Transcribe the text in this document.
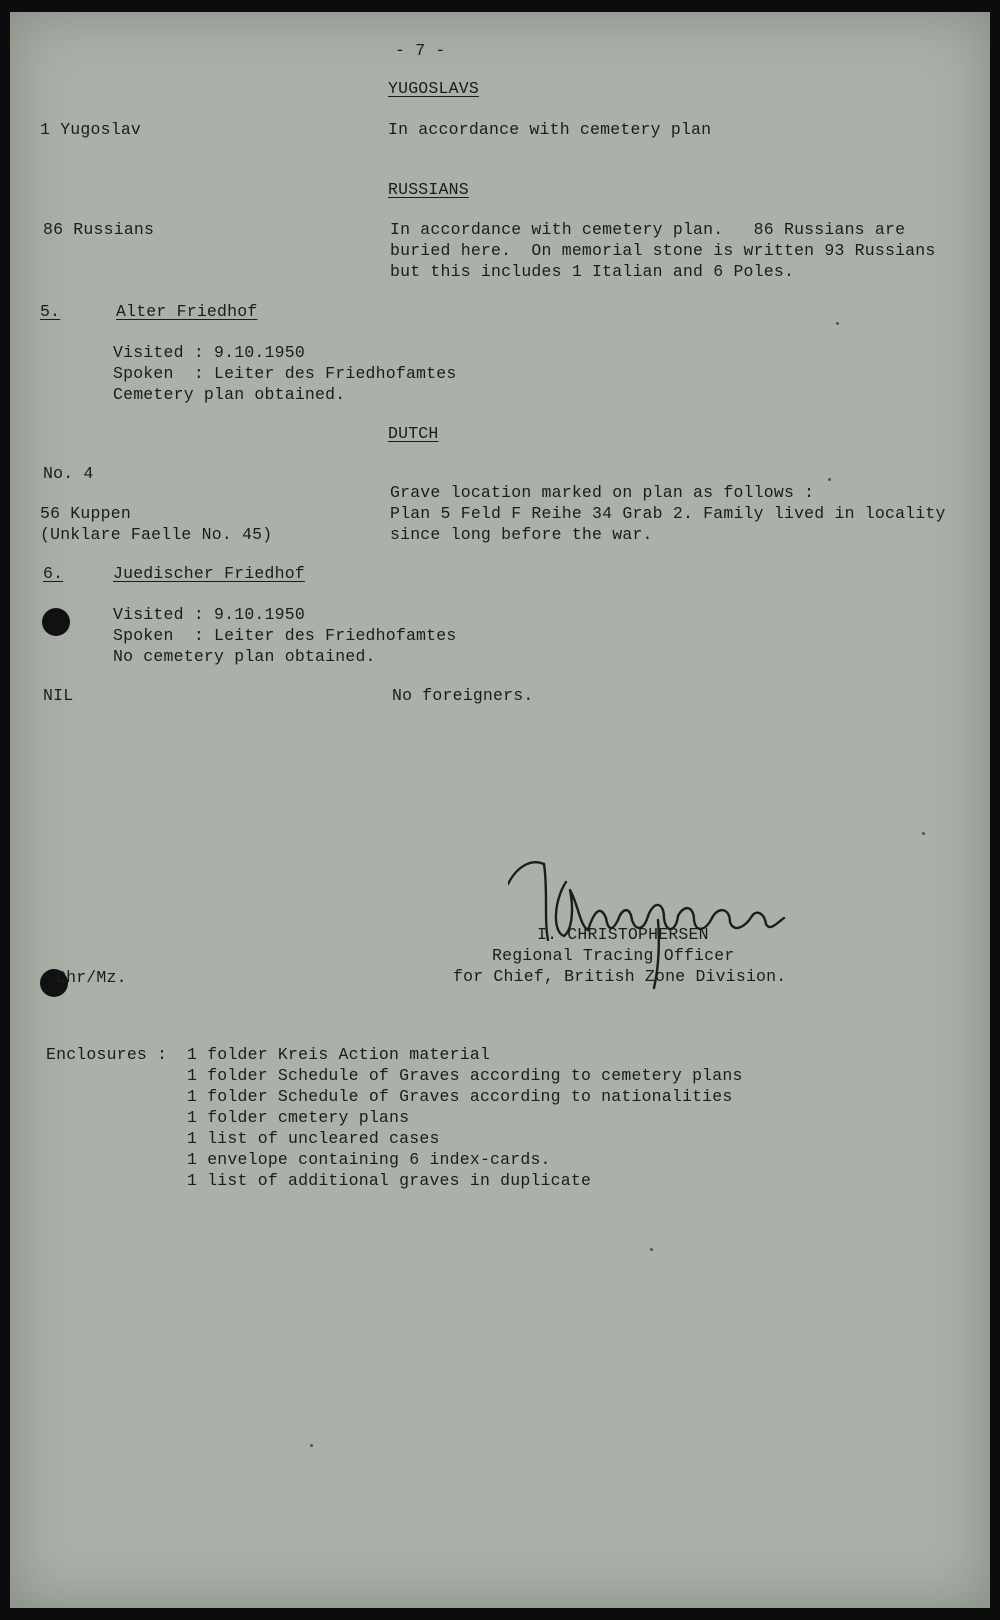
- 7 -
YUGOSLAVS
1 Yugoslav	In accordance with cemetery plan
RUSSIANS
86 Russians	In accordance with cemetery plan.   86 Russians are
buried here.  On memorial stone is written 93 Russians
but this includes 1 Italian and 6 Poles.
5.	Alter Friedhof
Visited : 9.10.1950
Spoken  : Leiter des Friedhofamtes
Cemetery plan obtained.
DUTCH
No. 4
Grave location marked on plan as follows :
56 Kuppen	Plan 5 Feld F Reihe 34 Grab 2. Family lived in locality
(Unklare Faelle No. 45)	since long before the war.
6.	Juedischer Friedhof
Visited : 9.10.1950
Spoken  : Leiter des Friedhofamtes
No cemetery plan obtained.
NIL	No foreigners.
I. CHRISTOPHERSEN
Regional Tracing Officer
for Chief, British Zone Division.
Chr/Mz.
Enclosures : 1 folder Kreis Action material
1 folder Schedule of Graves according to cemetery plans
1 folder Schedule of Graves according to nationalities
1 folder cmetery plans
1 list of uncleared cases
1 envelope containing 6 index-cards.
1 list of additional graves in duplicate
